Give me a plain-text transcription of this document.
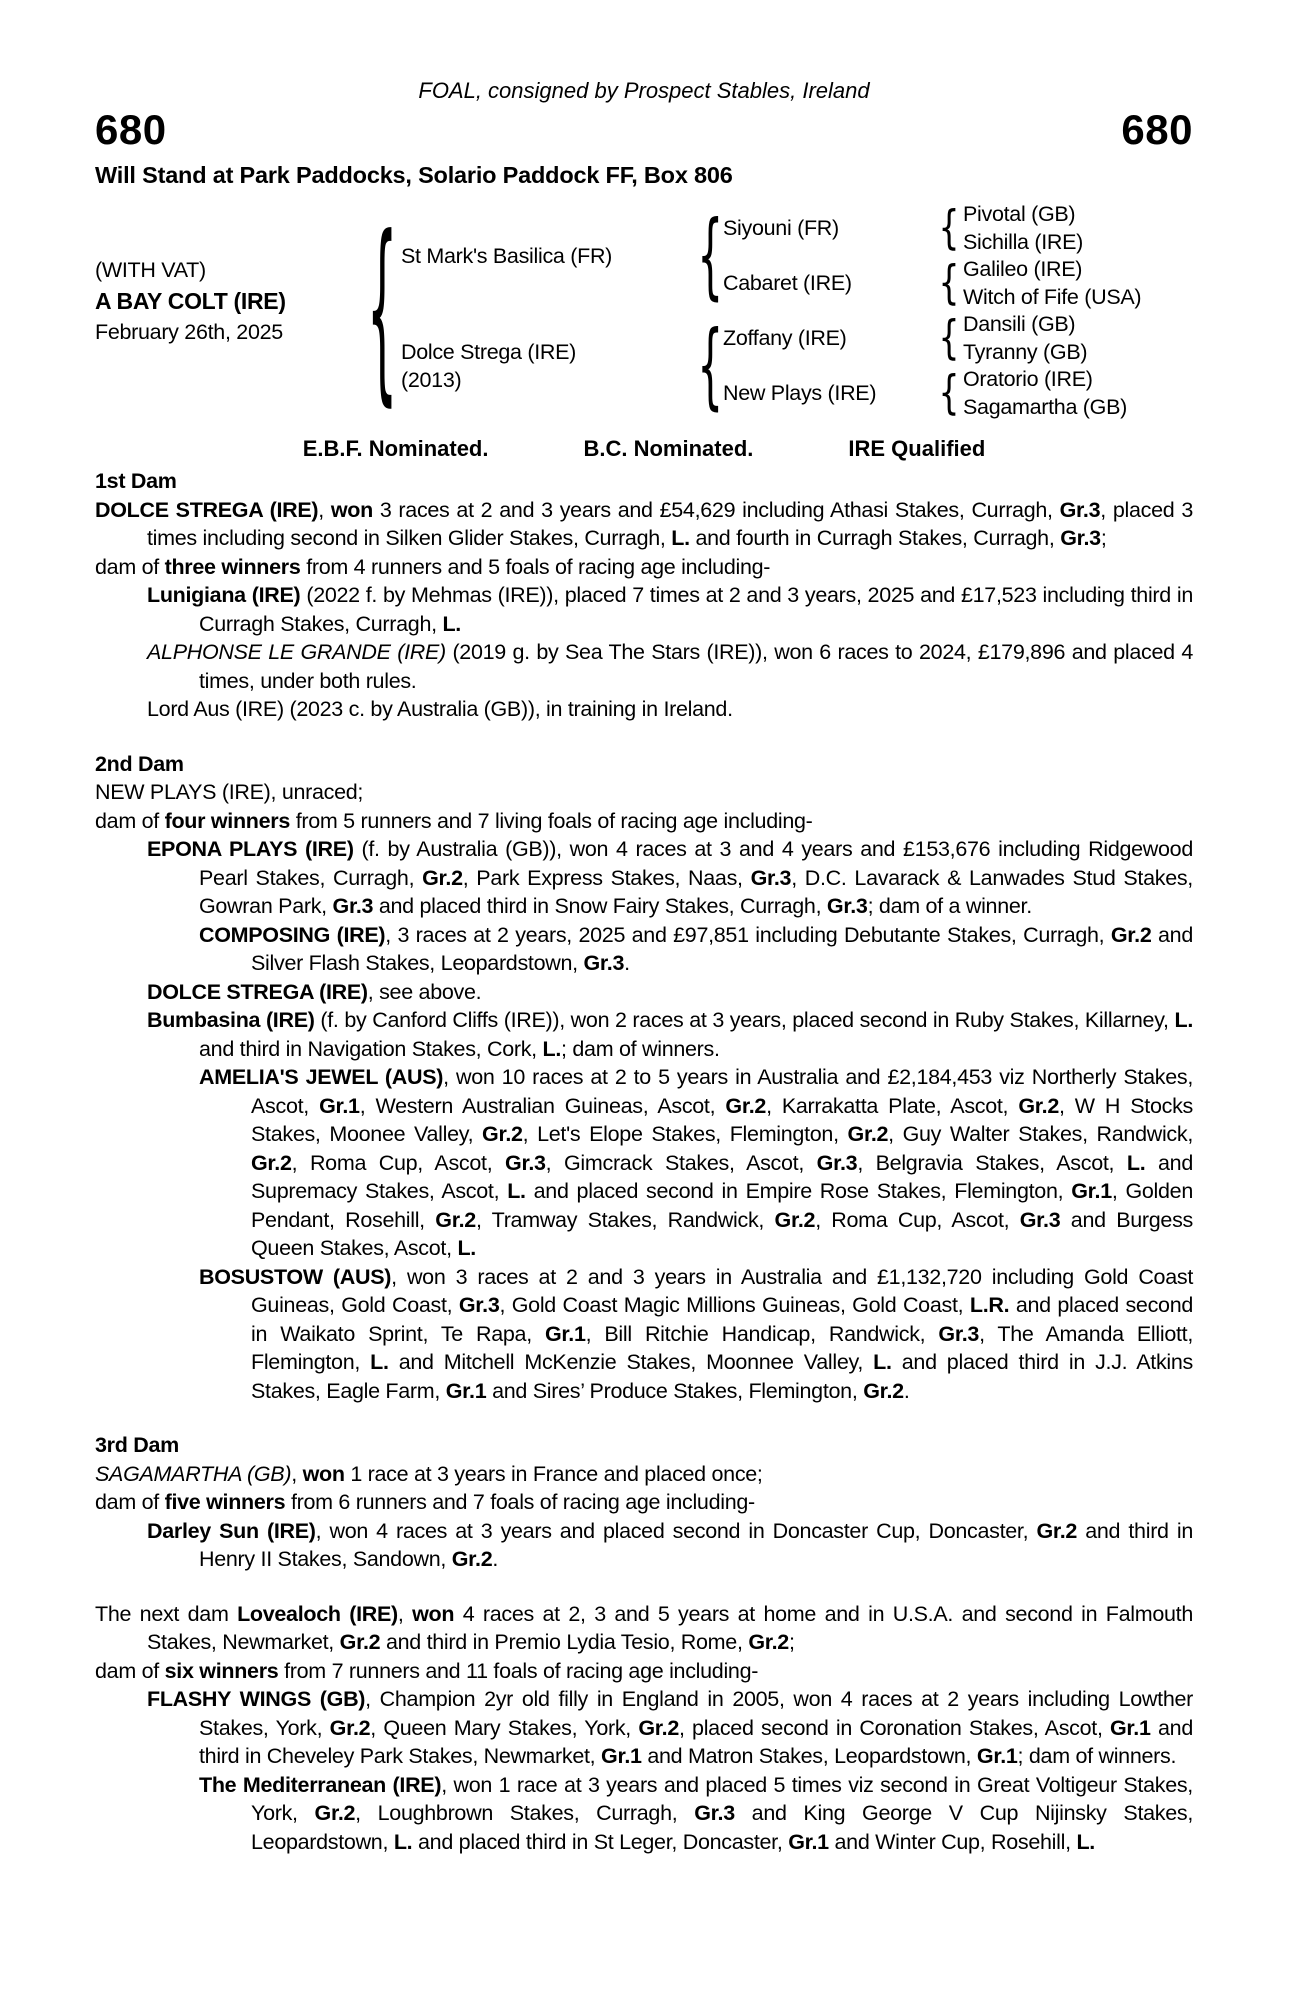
FOAL, consigned by Prospect Stables, Ireland
680	680
Will Stand at Park Paddocks, Solario Paddock FF, Box 806
(WITH VAT)
A BAY COLT (IRE)
February 26th, 2025 { St Mark's Basilica (FR)
Dolce Strega (IRE)
(2013)
{
{
Siyouni (FR)
Cabaret (IRE)
Zoffany (IRE)
New Plays (IRE)
{
{
{
{
Pivotal (GB)
Sichilla (IRE)
Galileo (IRE)
Witch of Fife (USA)
Dansili (GB)
Tyranny (GB)
Oratorio (IRE)
Sagamartha (GB)
E.B.F. Nominated.	B.C. Nominated.	IRE Qualified
1st Dam

DOLCE STREGA (IRE), won 3 races at 2 and 3 years and £54,629 including Athasi Stakes, Curragh, Gr.3, placed 3 times including second in Silken Glider Stakes, Curragh, L. and fourth in Curragh Stakes, Curragh, Gr.3;

dam of three winners from 4 runners and 5 foals of racing age including-

Lunigiana (IRE) (2022 f. by Mehmas (IRE)), placed 7 times at 2 and 3 years, 2025 and £17,523 including third in Curragh Stakes, Curragh, L.

ALPHONSE LE GRANDE (IRE) (2019 g. by Sea The Stars (IRE)), won 6 races to 2024, £179,896 and placed 4 times, under both rules.

Lord Aus (IRE) (2023 c. by Australia (GB)), in training in Ireland.

2nd Dam

NEW PLAYS (IRE), unraced;

dam of four winners from 5 runners and 7 living foals of racing age including-

EPONA PLAYS (IRE) (f. by Australia (GB)), won 4 races at 3 and 4 years and £153,676 including Ridgewood Pearl Stakes, Curragh, Gr.2, Park Express Stakes, Naas, Gr.3, D.C. Lavarack & Lanwades Stud Stakes, Gowran Park, Gr.3 and placed third in Snow Fairy Stakes, Curragh, Gr.3; dam of a winner.

COMPOSING (IRE), 3 races at 2 years, 2025 and £97,851 including Debutante Stakes, Curragh, Gr.2 and Silver Flash Stakes, Leopardstown, Gr.3.

DOLCE STREGA (IRE), see above.

Bumbasina (IRE) (f. by Canford Cliffs (IRE)), won 2 races at 3 years, placed second in Ruby Stakes, Killarney, L. and third in Navigation Stakes, Cork, L.; dam of winners.

AMELIA'S JEWEL (AUS), won 10 races at 2 to 5 years in Australia and £2,184,453 viz Northerly Stakes, Ascot, Gr.1, Western Australian Guineas, Ascot, Gr.2, Karrakatta Plate, Ascot, Gr.2, W H Stocks Stakes, Moonee Valley, Gr.2, Let's Elope Stakes, Flemington, Gr.2, Guy Walter Stakes, Randwick, Gr.2, Roma Cup, Ascot, Gr.3, Gimcrack Stakes, Ascot, Gr.3, Belgravia Stakes, Ascot, L. and Supremacy Stakes, Ascot, L. and placed second in Empire Rose Stakes, Flemington, Gr.1, Golden Pendant, Rosehill, Gr.2, Tramway Stakes, Randwick, Gr.2, Roma Cup, Ascot, Gr.3 and Burgess Queen Stakes, Ascot, L.

BOSUSTOW (AUS), won 3 races at 2 and 3 years in Australia and £1,132,720 including Gold Coast Guineas, Gold Coast, Gr.3, Gold Coast Magic Millions Guineas, Gold Coast, L.R. and placed second in Waikato Sprint, Te Rapa, Gr.1, Bill Ritchie Handicap, Randwick, Gr.3, The Amanda Elliott, Flemington, L. and Mitchell McKenzie Stakes, Moonnee Valley, L. and placed third in J.J. Atkins Stakes, Eagle Farm, Gr.1 and Sires’ Produce Stakes, Flemington, Gr.2.

3rd Dam

SAGAMARTHA (GB), won 1 race at 3 years in France and placed once;

dam of five winners from 6 runners and 7 foals of racing age including-

Darley Sun (IRE), won 4 races at 3 years and placed second in Doncaster Cup, Doncaster, Gr.2 and third in Henry II Stakes, Sandown, Gr.2.

The next dam Lovealoch (IRE), won 4 races at 2, 3 and 5 years at home and in U.S.A. and second in Falmouth Stakes, Newmarket, Gr.2 and third in Premio Lydia Tesio, Rome, Gr.2;

dam of six winners from 7 runners and 11 foals of racing age including-

FLASHY WINGS (GB), Champion 2yr old filly in England in 2005, won 4 races at 2 years including Lowther Stakes, York, Gr.2, Queen Mary Stakes, York, Gr.2, placed second in Coronation Stakes, Ascot, Gr.1 and third in Cheveley Park Stakes, Newmarket, Gr.1 and Matron Stakes, Leopardstown, Gr.1; dam of winners.

The Mediterranean (IRE), won 1 race at 3 years and placed 5 times viz second in Great Voltigeur Stakes, York, Gr.2, Loughbrown Stakes, Curragh, Gr.3 and King George V Cup Nijinsky Stakes, Leopardstown, L. and placed third in St Leger, Doncaster, Gr.1 and Winter Cup, Rosehill, L.
